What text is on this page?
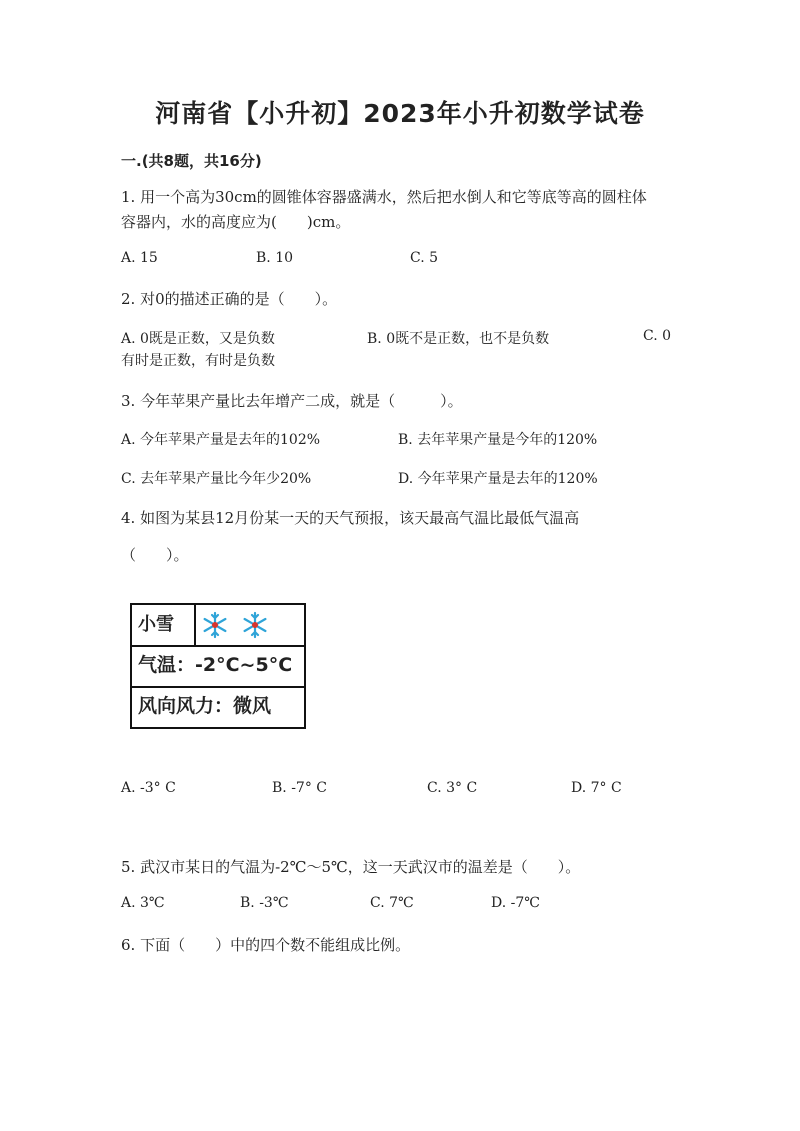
河南省【小升初】2023年小升初数学试卷
一.(共8题，共16分)
1. 用一个高为30cm的圆锥体容器盛满水，然后把水倒人和它等底等高的圆柱体
容器内，水的高度应为(　　)cm。
A. 15	B. 10	C. 5
2. 对0的描述正确的是（　　）。
A. 0既是正数，又是负数	B. 0既不是正数，也不是负数	C. 0
有时是正数，有时是负数
3. 今年苹果产量比去年增产二成，就是（　　　）。
A. 今年苹果产量是去年的102%	B. 去年苹果产量是今年的120%
C. 去年苹果产量比今年少20%	D. 今年苹果产量是去年的120%
4. 如图为某县12月份某一天的天气预报，该天最高气温比最低气温高
（　　）。
小雪
气温：-2°C~5°C
风向风力：微风
A. -3° C	B. -7° C	C. 3° C	D. 7° C
5. 武汉市某日的气温为-2℃～5℃，这一天武汉市的温差是（　　）。
A. 3℃	B. -3℃	C. 7℃	D. -7℃
6. 下面（　　）中的四个数不能组成比例。
